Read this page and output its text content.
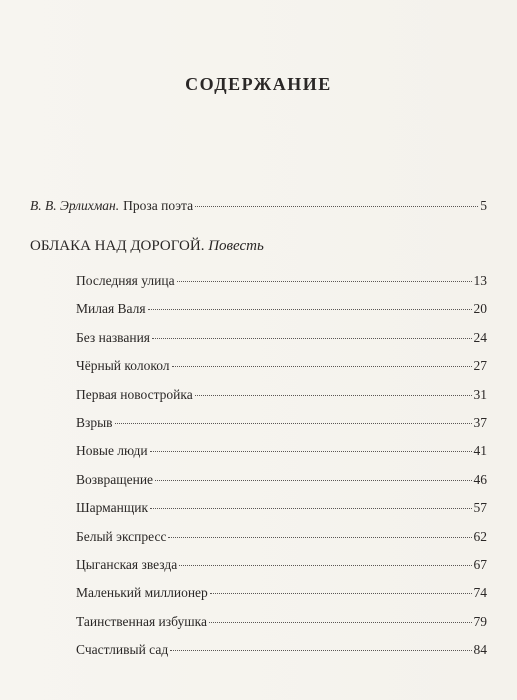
СОДЕРЖАНИЕ
В. В. Эрлихман. Проза поэта	5
ОБЛАКА НАД ДОРОГОЙ. Повесть
Последняя улица	13
Милая Валя	20
Без названия	24
Чёрный колокол	27
Первая новостройка	31
Взрыв	37
Новые люди	41
Возвращение	46
Шарманщик	57
Белый экспресс	62
Цыганская звезда	67
Маленький миллионер	74
Таинственная избушка	79
Счастливый сад	84
